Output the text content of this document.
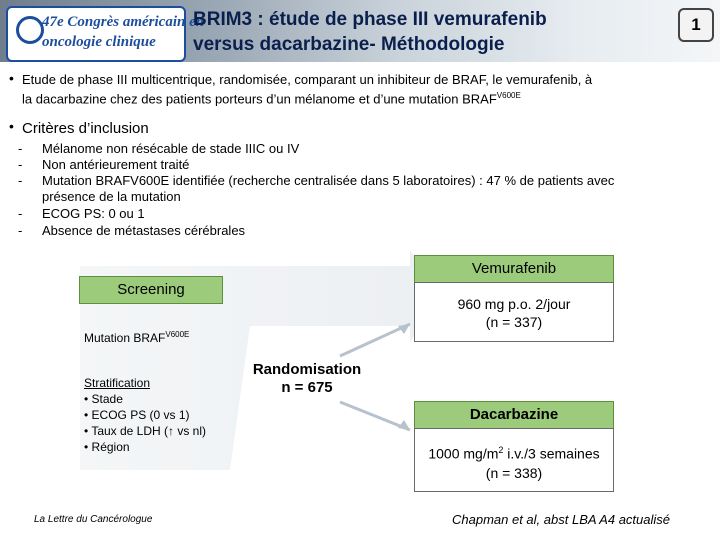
47e Congrès américain en
oncologie clinique
BRIM3 : étude de phase III vemurafenib
versus dacarbazine- Méthodologie
1
• Etude de phase III multicentrique, randomisée, comparant un inhibiteur de BRAF, le vemurafenib, à
la dacarbazine chez des patients porteurs d’un mélanome et d’une mutation $BRAF^{V600E}$
• Critères d’inclusion
- Mélanome non résécable de stade IIIC ou IV
- Non antérieurement traité
- Mutation BRAFV600E identifiée (recherche centralisée dans 5 laboratoires) : 47 % de patients avec
présence de la mutation
- ECOG PS: 0 ou 1
- Absence de métastases cérébrales
Screening
Mutation $BRAF^{V600E}$
Stratification
• Stade
• ECOG PS (0 vs 1)
• Taux de LDH (↑ vs nl)
• Région
Randomisation
n = 675
Vemurafenib
960 mg p.o. 2/jour
(n = 337)
Dacarbazine
1000 $mg/m^2$ i.v./3 semaines
(n = 338)
La Lettre du Cancérologue	Chapman et al, abst LBA A4 actualisé
